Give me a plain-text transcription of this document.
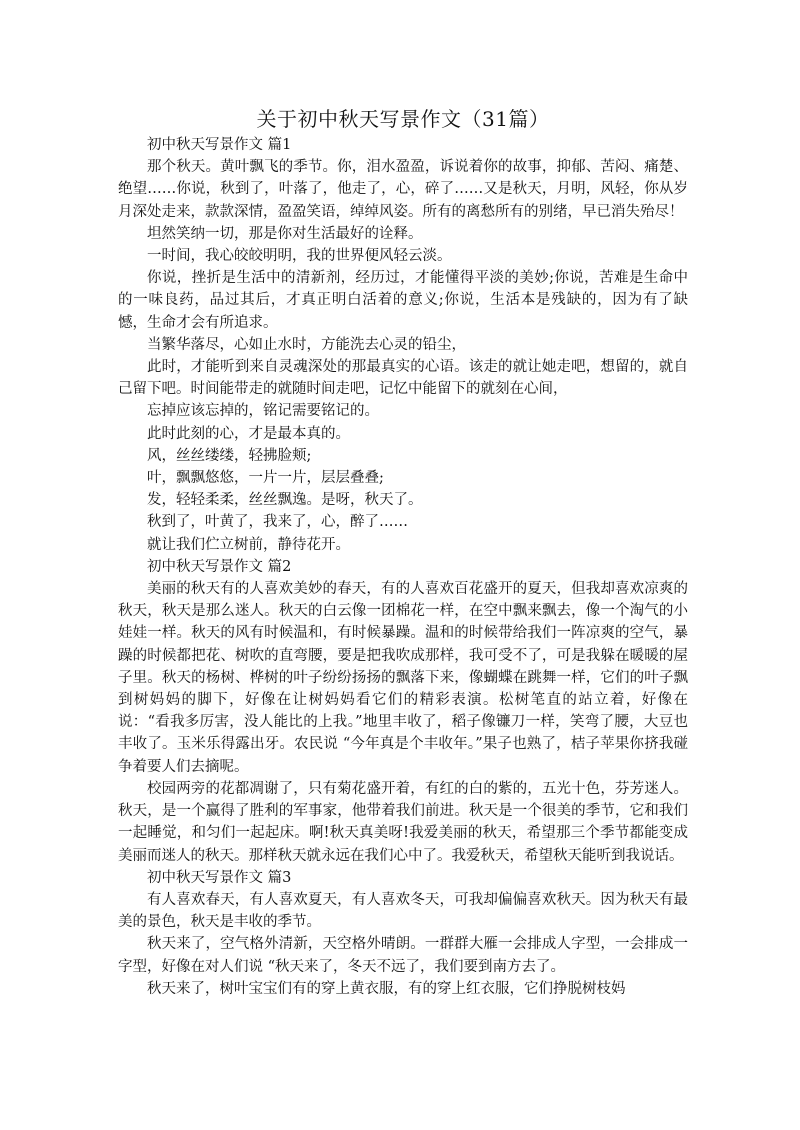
关于初中秋天写景作文（31篇）

初中秋天写景作文 篇1

那个秋天。黄叶飘飞的季节。你，泪水盈盈，诉说着你的故事，抑郁、苦闷、痛楚、绝望……你说，秋到了，叶落了，他走了，心，碎了……又是秋天，月明，风轻，你从岁月深处走来，款款深情，盈盈笑语，绰绰风姿。所有的离愁所有的别绪，早已消失殆尽！

坦然笑纳一切，那是你对生活最好的诠释。

一时间，我心皎皎明明，我的世界便风轻云淡。

你说，挫折是生活中的清新剂，经历过，才能懂得平淡的美妙;你说，苦难是生命中的一味良药，品过其后，才真正明白活着的意义;你说，生活本是残缺的，因为有了缺憾，生命才会有所追求。

当繁华落尽，心如止水时，方能洗去心灵的铅尘，

此时，才能听到来自灵魂深处的那最真实的心语。该走的就让她走吧，想留的，就自己留下吧。时间能带走的就随时间走吧，记忆中能留下的就刻在心间，

忘掉应该忘掉的，铭记需要铭记的。

此时此刻的心，才是最本真的。

风，丝丝缕缕，轻拂脸颊;

叶，飘飘悠悠，一片一片，层层叠叠;

发，轻轻柔柔，丝丝飘逸。是呀，秋天了。

秋到了，叶黄了，我来了，心，醉了……

就让我们伫立树前，静待花开。

初中秋天写景作文 篇2

美丽的秋天有的人喜欢美妙的春天，有的人喜欢百花盛开的夏天，但我却喜欢凉爽的秋天，秋天是那么迷人。秋天的白云像一团棉花一样，在空中飘来飘去，像一个淘气的小娃娃一样。秋天的风有时候温和，有时候暴躁。温和的时候带给我们一阵凉爽的空气，暴躁的时候都把花、树吹的直弯腰，要是把我吹成那样，我可受不了，可是我躲在暖暖的屋子里。秋天的杨树、桦树的叶子纷纷扬扬的飘落下来，像蝴蝶在跳舞一样，它们的叶子飘到树妈妈的脚下，好像在让树妈妈看它们的精彩表演。松树笔直的站立着，好像在说：“看我多厉害，没人能比的上我。”地里丰收了，稻子像镰刀一样，笑弯了腰，大豆也丰收了。玉米乐得露出牙。农民说 “今年真是个丰收年。”果子也熟了，桔子苹果你挤我碰争着要人们去摘呢。

校园两旁的花都凋谢了，只有菊花盛开着，有红的白的紫的，五光十色，芬芳迷人。秋天，是一个赢得了胜利的军事家，他带着我们前进。秋天是一个很美的季节，它和我们一起睡觉，和匀们一起起床。啊!秋天真美呀!我爱美丽的秋天，希望那三个季节都能变成美丽而迷人的秋天。那样秋天就永远在我们心中了。我爱秋天，希望秋天能听到我说话。

初中秋天写景作文 篇3

有人喜欢春天，有人喜欢夏天，有人喜欢冬天，可我却偏偏喜欢秋天。因为秋天有最美的景色，秋天是丰收的季节。

秋天来了，空气格外清新，天空格外晴朗。一群群大雁一会排成人字型，一会排成一字型，好像在对人们说 “秋天来了，冬天不远了，我们要到南方去了。

秋天来了，树叶宝宝们有的穿上黄衣服，有的穿上红衣服，它们挣脱树枝妈
